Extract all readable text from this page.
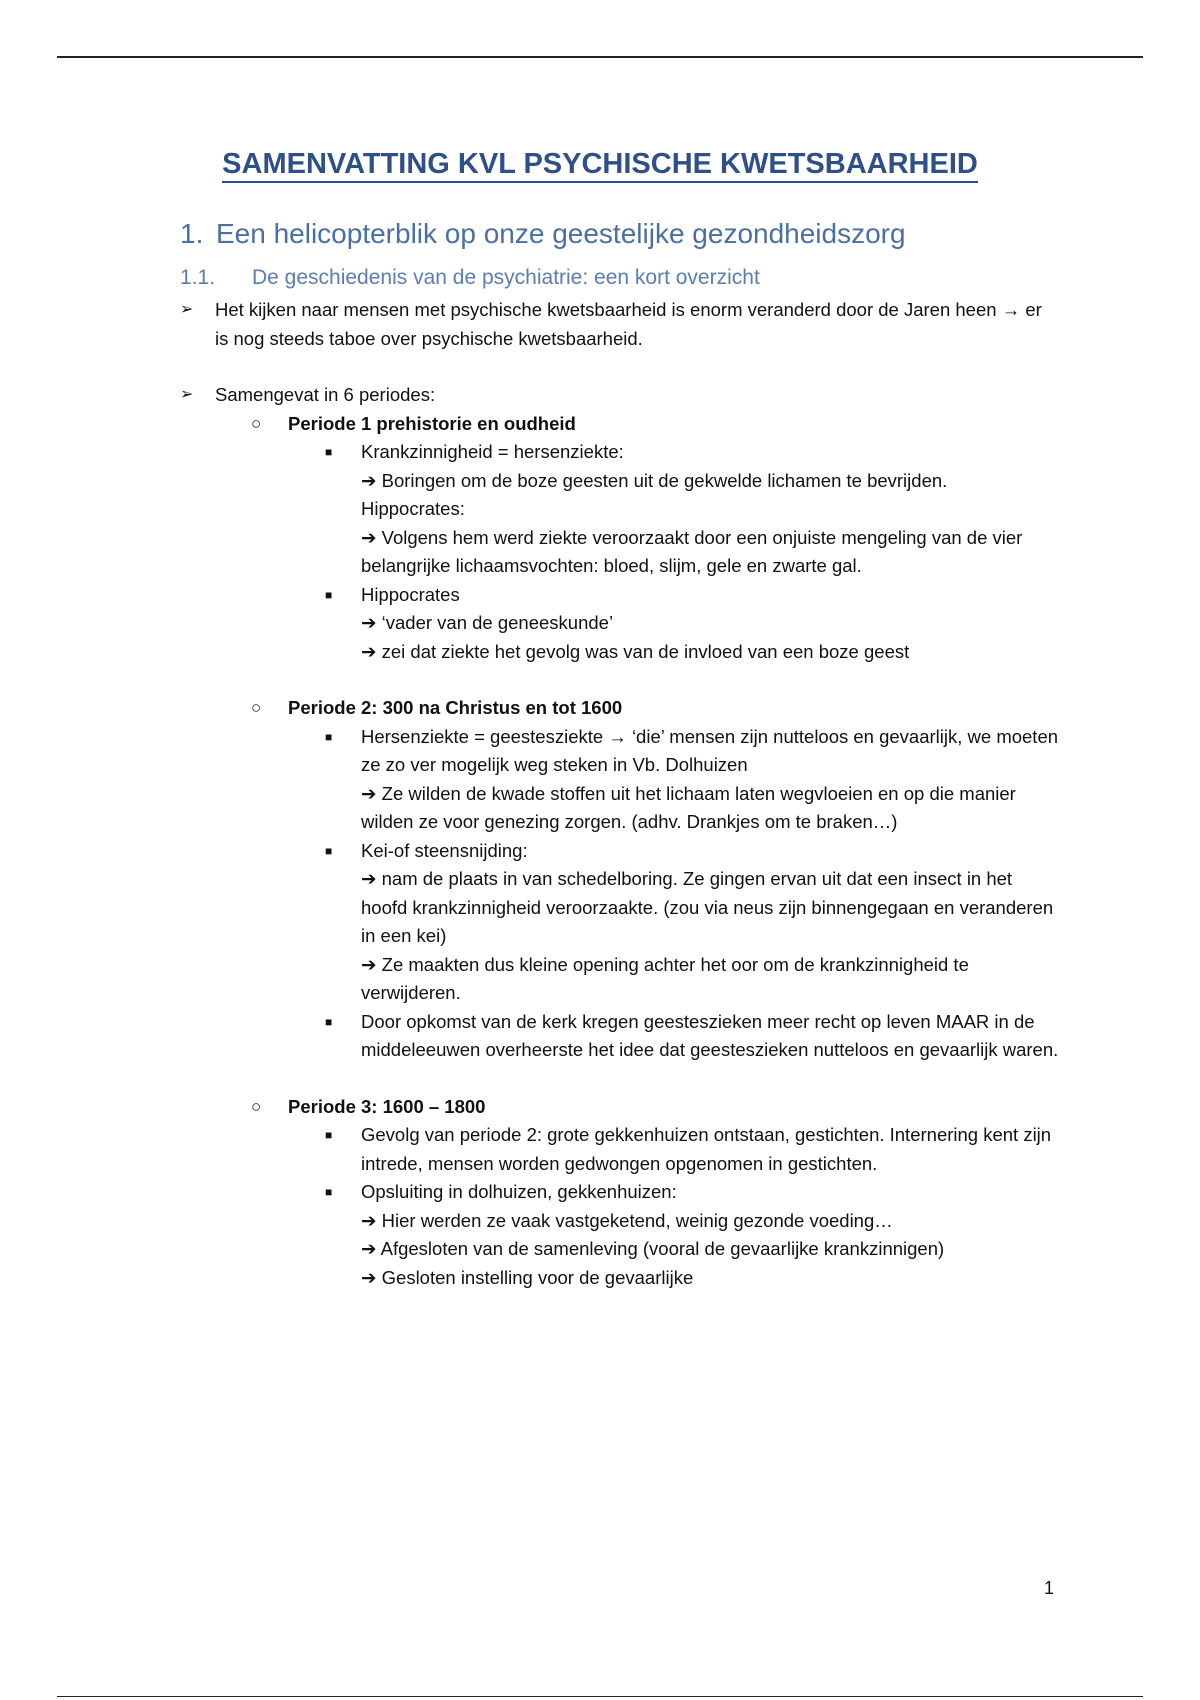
SAMENVATTING KVL PSYCHISCHE KWETSBAARHEID
1. Een helicopterblik op onze geestelijke gezondheidszorg
1.1. De geschiedenis van de psychiatrie: een kort overzicht
➢ Het kijken naar mensen met psychische kwetsbaarheid is enorm veranderd door de Jaren heen → er is nog steeds taboe over psychische kwetsbaarheid.
➢ Samengevat in 6 periodes:
○ Periode 1 prehistorie en oudheid
■ Krankzinnigheid = hersenziekte:
➔ Boringen om de boze geesten uit de gekwelde lichamen te bevrijden.
Hippocrates:
➔ Volgens hem werd ziekte veroorzaakt door een onjuiste mengeling van de vier belangrijke lichaamsvochten: bloed, slijm, gele en zwarte gal.
■ Hippocrates
➔ ‘vader van de geneeskunde’
➔ zei dat ziekte het gevolg was van de invloed van een boze geest
○ Periode 2: 300 na Christus en tot 1600
■ Hersenziekte = geestesziekte → ‘die’ mensen zijn nutteloos en gevaarlijk, we moeten ze zo ver mogelijk weg steken in Vb. Dolhuizen
➔ Ze wilden de kwade stoffen uit het lichaam laten wegvloeien en op die manier wilden ze voor genezing zorgen. (adhv. Drankjes om te braken…)
■ Kei-of steensnijding:
➔ nam de plaats in van schedelboring. Ze gingen ervan uit dat een insect in het hoofd krankzinnigheid veroorzaakte. (zou via neus zijn binnengegaan en veranderen in een kei)
➔ Ze maakten dus kleine opening achter het oor om de krankzinnigheid te verwijderen.
■ Door opkomst van de kerk kregen geesteszieken meer recht op leven MAAR in de middeleeuwen overheerste het idee dat geesteszieken nutteloos en gevaarlijk waren.
○ Periode 3: 1600 – 1800
■ Gevolg van periode 2: grote gekkenhuizen ontstaan, gestichten. Internering kent zijn intrede, mensen worden gedwongen opgenomen in gestichten.
■ Opsluiting in dolhuizen, gekkenhuizen:
➔ Hier werden ze vaak vastgeketend, weinig gezonde voeding…
➔ Afgesloten van de samenleving (vooral de gevaarlijke krankzinnigen)
➔ Gesloten instelling voor de gevaarlijke
1
